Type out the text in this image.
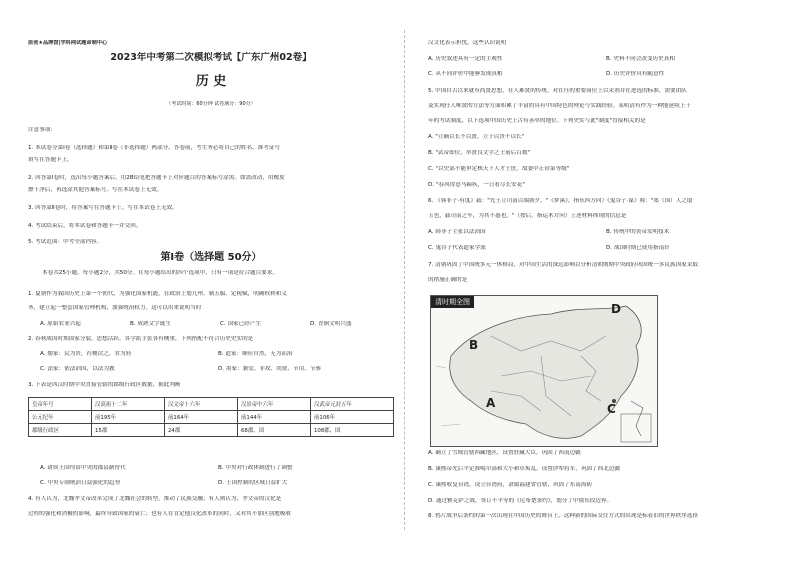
原创★品牌馆|学科网试题命制中心
2023年中考第二次模拟考试【广东广州02卷】
历 史
（考试时间：60分钟 试卷满分：90分）
注意事项：
1. 本试卷分第Ⅰ卷（选择题）和第Ⅱ卷（非选择题）两部分。答卷前，考生务必将自己的姓名、准考证号
填写在答题卡上。
2. 回答第Ⅰ卷时，选出每小题答案后，用2B铅笔把答题卡上对应题目的答案标号涂黑。如需改动，用橡皮
擦干净后，再选涂其他答案标号。写在本试卷上无效。
3. 回答第Ⅱ卷时，将答案写在答题卡上。写在本试卷上无效。
4. 考试结束后，将本试卷和答题卡一并交回。
5. 考试范围：中考全部内容。
第Ⅰ卷（选择题 50分）
本卷共25小题，每小题2分，共50分。在每小题给出的四个选项中，只有一项是符合题目要求。
1. 夏朝作为我国历史上第一个朝代，为强化国家机能，在政治上划九州、制五服、定税赋，明确权利和义
务，建立起一整套国家管理机构，加强统治权力。这可以用来说明当时
A. 原始农业兴起	B. 成熟文字诞生	C. 国家已经产生	D. 青铜文明兴盛
2. 春秋战国时期国家分裂，思想活跃。各学派主张各有侧重，下列搭配不符合历史史实的是
A. 儒家：民为贵，社稷次之，君为轻	B. 道家：顺应自然，无为而治
C. 法家：依法治国，以法为教	D. 墨家：兼爱、非攻、尚贤、节用、节葬
3. 下表是西汉时期中央直接管辖的郡级行政区数据，据此判断
皇帝年号	汉高祖十二年	汉文帝十六年	汉景帝中六年	汉武帝元封五年
公元纪年	前195年	前164年	前144年	前106年
郡级行政区	15郡	24郡	68郡、国	108郡、国
A. 诸侯王国均由中央的郡县制替代	B. 中央对行政体制进行了调整
C. 中央专制统治日益强化的趋势	D. 王国控制的区域日益扩大
4. 有人认为，北魏孝文帝改革完成了北魏社会的转型，推动了民族交融；有人则认为，孝文帝的汉化是
过程的强化和消极的影响，最终导致国家的衰亡；也有人在肯定他汉化改革的同时，又对其不加区别地吸收
汉文化表示担忧，这些认识说明
A. 历史叙述具有一定的主观性	B. 史料不同会改变历史真相
C. 从不同评价中能够发现真相	D. 历史评价具有随意性
5. 中国自古以来就有尚贤思想，在人难贤的传统。对在任的重要岗位上以采剂并在进选的标准，需要团队
及实现任人唯贤的方法等方面积累了丰富的具有中国特色的理论与实践经验。某明清有作为一种能延续上千
年的考试制度，以下选项中国历史上古有善举的地位。下列史实与此"制度"直接相关的是
A. "立嫡以长不以贤，立子以贵不以长"
B. "武帝即位，举贤良文学之士前后百数"
C. "以史部不能审定核天下人才士庶，故委中正铨第等级"
D. "春风得意马蹄疾，一日看尽长安花"
6. 《韩非子·有度》载："先王立司南以端朝夕。"《梦溪》，指东西方向）《鬼谷子·谋》称："郑（国）人之取
玉也，载司南之车，为其不惑也。"（按后，指运木方向）上述材料体现的信息是
A. 韩非子主张以法治国	B. 传统中的黄帝发明技术
C. 鬼谷子代表道家学派	D. 战国时期已使用指南针
7. 清朝巩固了中国统多元一体格局，对中国生活的深远影响以分析清朝期期中央政府巩固统一多民族国家采取
的措施正确的是
清时期全图
A
B
C
D
A. 确立了雪域管辖西藏地区，设置驻藏大臣，巩固了西南边疆
B. 康熙帝先后平定准噶尔部和大小和卓叛乱，设置伊犁将军，巩固了西北边疆
C. 康熙收复台湾，设立台湾府，隶属福建省管辖，巩固了东南海防
D. 通过雅克萨之战，签订不平等的《尼布楚条约》，划分了中俄东段边界。
8. 鸦片战争后条约的第一次出现在中国历史的舞台上，这种新的国际交往方式的出现是标着旧的世界秩序选择
